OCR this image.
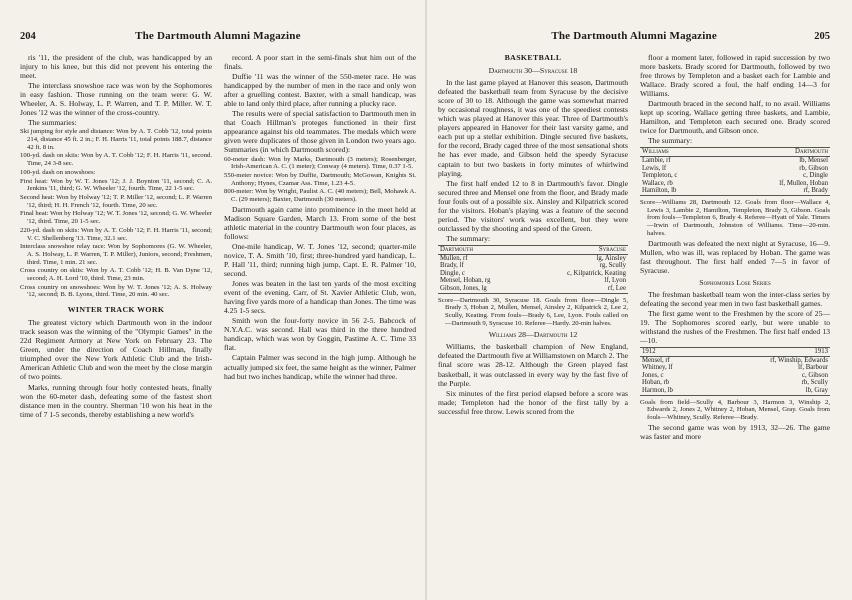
204	The Dartmouth Alumni Magazine

ris '11, the president of the club, was handicapped by an injury to his knee, but this did not prevent his entering the meet.

The interclass snowshoe race was won by the Sophomores in easy fashion. Those running on the team were: G. W. Wheeler, A. S. Holway, L. P. Warren, and T. P. Miller. W. T. Jones '12 was the winner of the cross-country.

The summaries:

Ski jumping for style and distance: Won by A. T. Cobb '12, total points 214, distance 45 ft. 2 in.; F. H. Harris '11, total points 188.7, distance 42 ft. 8 in.

100-yd. dash on skiis: Won by A. T. Cobb '12; F. H. Harris '11, second. Time, 24 3-8 sec.

100-yd. dash on snowshoes:

First heat: Won by W. T. Jones '12; J. J. Boynton '11, second; C. A. Jenkins '11, third; G. W. Wheeler '12, fourth. Time, 22 1-5 sec.

Second heat: Won by Holway '12; T. P. Miller '12, second; L. P. Warren '12, third; H. H. French '12, fourth. Time, 20 sec.

Final heat: Won by Holway '12; W. T. Jones '12, second; G. W. Wheeler '12, third. Time, 20 1-5 sec.

220-yd. dash on skiis: Won by A. T. Cobb '12; F. H. Harris '11, second; V. C. Shellenberg '13. Time, 32.1 sec.

Interclass snowshoe relay race: Won by Sophomores (G. W. Wheeler, A. S. Holway, L. P. Warren, T. P. Miller), Juniors, second; Freshmen, third. Time, 1 min. 21 sec.

Cross country on skiis: Won by A. T. Cobb '12; H. B. Van Dyne '12, second; A. H. Lord '10, third. Time, 23 min.

Cross country on snowshoes: Won by W. T. Jones '12; A. S. Holway '12, second; B. B. Lyons, third. Time, 20 min. 40 sec.

WINTER TRACK WORK

The greatest victory which Dartmouth won in the indoor track season was the winning of the "Olympic Games" in the 22d Regiment Armory at New York on February 23. The Green, under the direction of Coach Hillman, finally triumphed over the New York Athletic Club and the Irish-American Athletic Club and won the meet by the close margin of two points.

Marks, running through four hotly contested heats, finally won the 60-meter dash, defeating some of the fastest short distance men in the country. Sherman '10 won his heat in the time of 7 1-5 seconds, thereby establishing a new world's

record. A poor start in the semi-finals shut him out of the finals.

Duffie '11 was the winner of the 550-meter race. He was handicapped by the number of men in the race and only won after a gruelling contest. Baxter, with a small handicap, was able to land only third place, after running a plucky race.

The results were of special satisfaction to Dartmouth men in that Coach Hillman's proteges functioned in their first appearance against his old teammates. The medals which were given were duplicates of those given in London two years ago. Summaries (in which Dartmouth scored):

60-meter dash: Won by Marks, Dartmouth (3 meters); Rosenberger, Irish-American A. C. (1 meter); Conway (4 meters). Time, 0.37 1-5.

550-meter novice: Won by Duffie, Dartmouth; McGowan, Knights St. Anthony; Hynes, Czamar Ass. Time, 1.23 4-5.

800-meter: Won by Wright, Paulist A. C. (40 meters); Bell, Mohawk A. C. (29 meters); Baxter, Dartmouth (30 meters).

Dartmouth again came into prominence in the meet held at Madison Square Garden, March 13. From some of the best athletic material in the country Dartmouth won four places, as follows:

One-mile handicap, W. T. Jones '12, second; quarter-mile novice, T. A. Smith '10, first; three-hundred yard handicap, L. P. Hall '11, third; running high jump, Capt. E. R. Palmer '10, second.

Jones was beaten in the last ten yards of the most exciting event of the evening. Carr, of St. Xavier Athletic Club, won, having five yards more of a handicap than Jones. The time was 4.25 1-5 secs.

Smith won the four-forty novice in 56 2-5. Babcock of N.Y.A.C. was second. Hall was third in the three hundred handicap, which was won by Goggin, Pastime A. C. Time 33 flat.

Captain Palmer was second in the high jump. Although he actually jumped six feet, the same height as the winner, Palmer had but two inches handicap, while the winner had three.

The Dartmouth Alumni Magazine	205
BASKETBALL
Dartmouth 30—Syracuse 18

In the last game played at Hanover this season, Dartmouth defeated the basketball team from Syracuse by the decisive score of 30 to 18. Although the game was somewhat marred by occasional roughness, it was one of the speediest contests which was played at Hanover this year. Three of Dartmouth's players appeared in Hanover for their last varsity game, and each put up a stellar exhibition. Dingle secured five baskets, for the record, Brady caged three of the most sensational shots he has ever made, and Gibson held the speedy Syracuse captain to but two baskets in forty minutes of whirlwind playing.

The first half ended 12 to 8 in Dartmouth's favor. Dingle secured three and Mensel one from the floor, and Brady made four fouls out of a possible six. Ainsley and Kilpatrick scored for the visitors. Hoban's playing was a feature of the second period. The visitors' work was excellent, but they were outclassed by the shooting and speed of the Green.

The summary:

Dartmouth		Syracuse
Mullen, rf		lg, Ainsley
Brady, lf		rg, Scully
Dingle, c		c, Kilpatrick, Keating
Mensel, Hoban, rg		lf, Lyon
Gibson, Jones, lg		rf, Lee

Score—Dartmouth 30, Syracuse 18. Goals from floor—Dingle 5, Brady 3, Hoban 2, Mullen, Mensel, Ainsley 2, Kilpatrick 2, Lee 2, Scully, Keating. From fouls—Brady 6, Lee, Lyon. Fouls called on—Dartmouth 9, Syracuse 10. Referee—Hardy. 20-min halves.

Williams 28—Dartmouth 12

Williams, the basketball champion of New England, defeated the Dartmouth five at Williamstown on March 2. The final score was 28-12. Although the Green played fast basketball, it was outclassed in every way by the fast five of the Purple.

Six minutes of the first period elapsed before a score was made; Templeton had the honor of the first tally by a successful free throw. Lewis scored from the

floor a moment later, followed in rapid succession by two more baskets. Brady scored for Dartmouth, followed by two free throws by Templeton and a basket each for Lambie and Wallace. Brady scored a foul, the half ending 14—3 for Williams.

Dartmouth braced in the second half, to no avail. Williams kept up scoring, Wallace getting three baskets, and Lambie, Hamilton, and Templeton each secured one. Brady scored twice for Dartmouth, and Gibson once.

The summary:

Williams		Dartmouth
Lambie, rf		lb, Mensel
Lewis, lf		rb, Gibson
Templeton, c		c, Dingle
Wallace, rb		lf, Mullen, Hoban
Hamilton, lb		rf, Brady

Score—Williams 28, Dartmouth 12. Goals from floor—Wallace 4, Lewis 3, Lambie 2, Hamilton, Templeton, Brady 3, Gibson. Goals from fouls—Templeton 6, Brady 4. Referee—Hyatt of Yale. Timers—Irwin of Dartmouth, Johnston of Williams. Time—20-min. halves.

Dartmouth was defeated the next night at Syracuse, 16—9. Mullen, who was ill, was replaced by Hoban. The game was fast throughout. The first half ended 7—5 in favor of Syracuse.

Sophomores Lose Series

The freshman basketball team won the inter-class series by defeating the second year men in two fast basketball games.

The first game went to the Freshmen by the score of 25—19. The Sophomores scored early, but were unable to withstand the rushes of the Freshmen. The first half ended 13—10.

1912		1913
Mensel, rf		rf, Winship, Edwards
Whitney, lf		lf, Barbour
Jones, c		c, Gibson
Hoban, rb		rb, Scully
Harmon, lb		lb, Gray

Goals from field—Scully 4, Barbour 3, Harmon 3, Winship 2, Edwards 2, Jones 2, Whitney 2, Hoban, Mensel, Gray. Goals from fouls—Whitney, Scully. Referee—Brady.

The second game was won by 1913, 32—26. The game was faster and more
